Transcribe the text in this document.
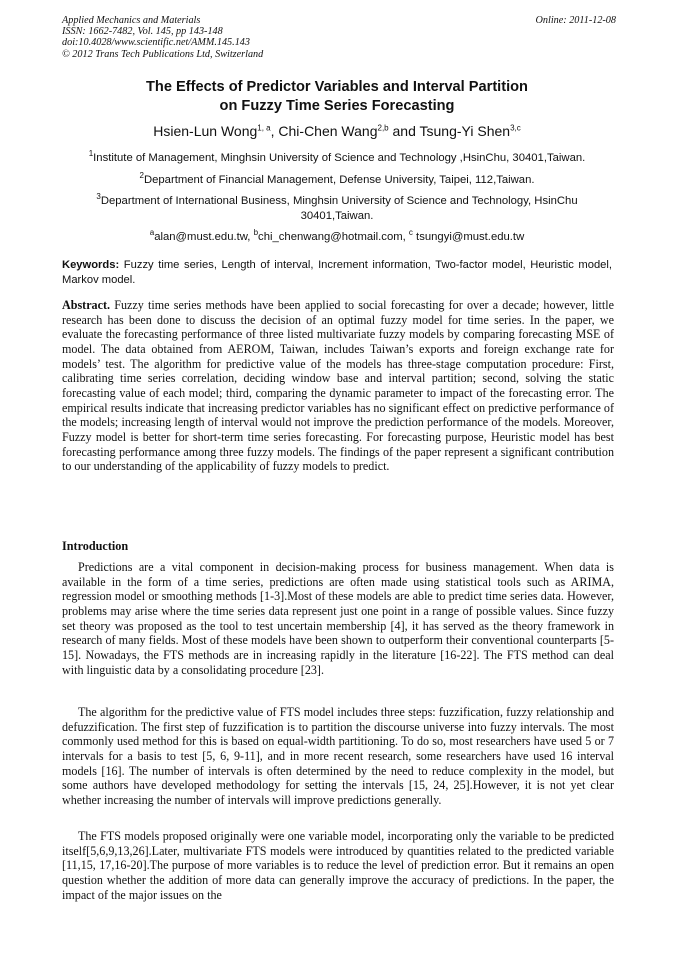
Applied Mechanics and Materials
ISSN: 1662-7482, Vol. 145, pp 143-148
doi:10.4028/www.scientific.net/AMM.145.143
© 2012 Trans Tech Publications Ltd, Switzerland
Online: 2011-12-08
The Effects of Predictor Variables and Interval Partition
on Fuzzy Time Series Forecasting
Hsien-Lun Wong$^{1, a}$, Chi-Chen Wang$^{2,b}$ and Tsung-Yi Shen$^{3,c}$
$^1$Institute of Management, Minghsin University of Science and Technology ,HsinChu, 30401,Taiwan.
$^2$Department of Financial Management, Defense University, Taipei, 112,Taiwan.
$^3$Department of International Business, Minghsin University of Science and Technology, HsinChu
30401,Taiwan.
$^a$alan@must.edu.tw, $^b$chi_chenwang@hotmail.com, $^c$ tsungyi@must.edu.tw
Keywords: Fuzzy time series, Length of interval, Increment information, Two-factor model, Heuristic model, Markov model.
Abstract. Fuzzy time series methods have been applied to social forecasting for over a decade; however, little research has been done to discuss the decision of an optimal fuzzy model for time series. In the paper, we evaluate the forecasting performance of three listed multivariate fuzzy models by comparing forecasting MSE of model. The data obtained from AEROM, Taiwan, includes Taiwan’s exports and foreign exchange rate for models’ test. The algorithm for predictive value of the models has three-stage computation procedure: First, calibrating time series correlation, deciding window base and interval partition; second, solving the static forecasting value of each model; third, comparing the dynamic parameter to impact of the forecasting error. The empirical results indicate that increasing predictor variables has no significant effect on predictive performance of the models; increasing length of interval would not improve the prediction performance of the models. Moreover, Fuzzy model is better for short-term time series forecasting. For forecasting purpose, Heuristic model has best forecasting performance among three fuzzy models. The findings of the paper represent a significant contribution to our understanding of the applicability of fuzzy models to predict.
Introduction
Predictions are a vital component in decision-making process for business management. When data is available in the form of a time series, predictions are often made using statistical tools such as ARIMA, regression model or smoothing methods [1-3].Most of these models are able to predict time series data. However, problems may arise where the time series data represent just one point in a range of possible values. Since fuzzy set theory was proposed as the tool to test uncertain membership [4], it has served as the theory framework in research of many fields. Most of these models have been shown to outperform their conventional counterparts [5-15]. Nowadays, the FTS methods are in increasing rapidly in the literature [16-22]. The FTS method can deal with linguistic data by a consolidating procedure [23].
The algorithm for the predictive value of FTS model includes three steps: fuzzification, fuzzy relationship and defuzzification. The first step of fuzzification is to partition the discourse universe into fuzzy intervals. The most commonly used method for this is based on equal-width partitioning. To do so, most researchers have used 5 or 7 intervals for a basis to test [5, 6, 9-11], and in more recent research, some researchers have used 16 interval models [16]. The number of intervals is often determined by the need to reduce complexity in the model, but some authors have developed methodology for setting the intervals [15, 24, 25].However, it is not yet clear whether increasing the number of intervals will improve predictions generally.
The FTS models proposed originally were one variable model, incorporating only the variable to be predicted itself[5,6,9,13,26].Later, multivariate FTS models were introduced by quantities related to the predicted variable [11,15, 17,16-20].The purpose of more variables is to reduce the level of prediction error. But it remains an open question whether the addition of more data can generally improve the accuracy of predictions. In the paper, the impact of the major issues on the
